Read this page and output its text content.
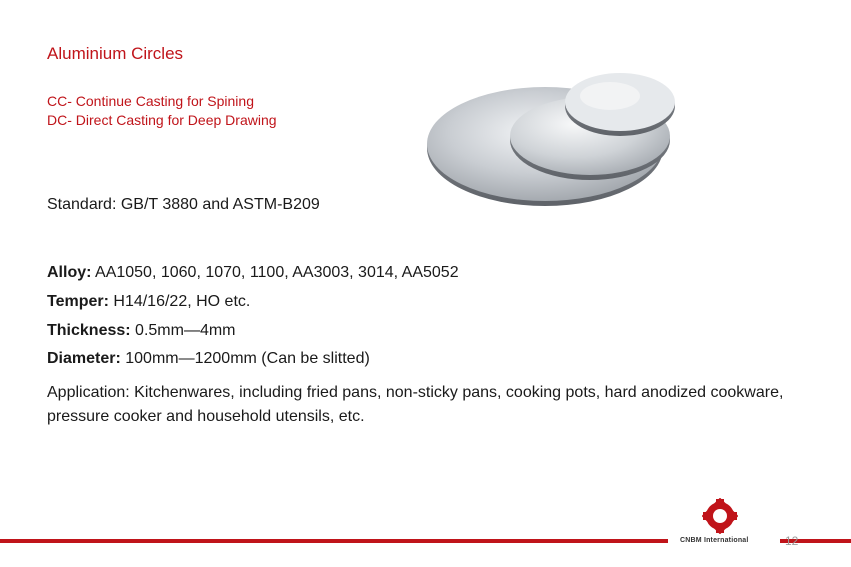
Aluminium Circles
CC- Continue Casting for Spining
DC- Direct Casting for Deep Drawing
Standard: GB/T 3880 and ASTM-B209
Alloy: AA1050, 1060, 1070, 1100, AA3003, 3014, AA5052
Temper: H14/16/22, HO etc.
Thickness: 0.5mm—4mm
Diameter: 100mm—1200mm (Can be slitted)
Application: Kitchenwares, including fried pans, non-sticky pans, cooking pots, hard anodized cookware, pressure cooker and household utensils, etc.
CNBM International	12
